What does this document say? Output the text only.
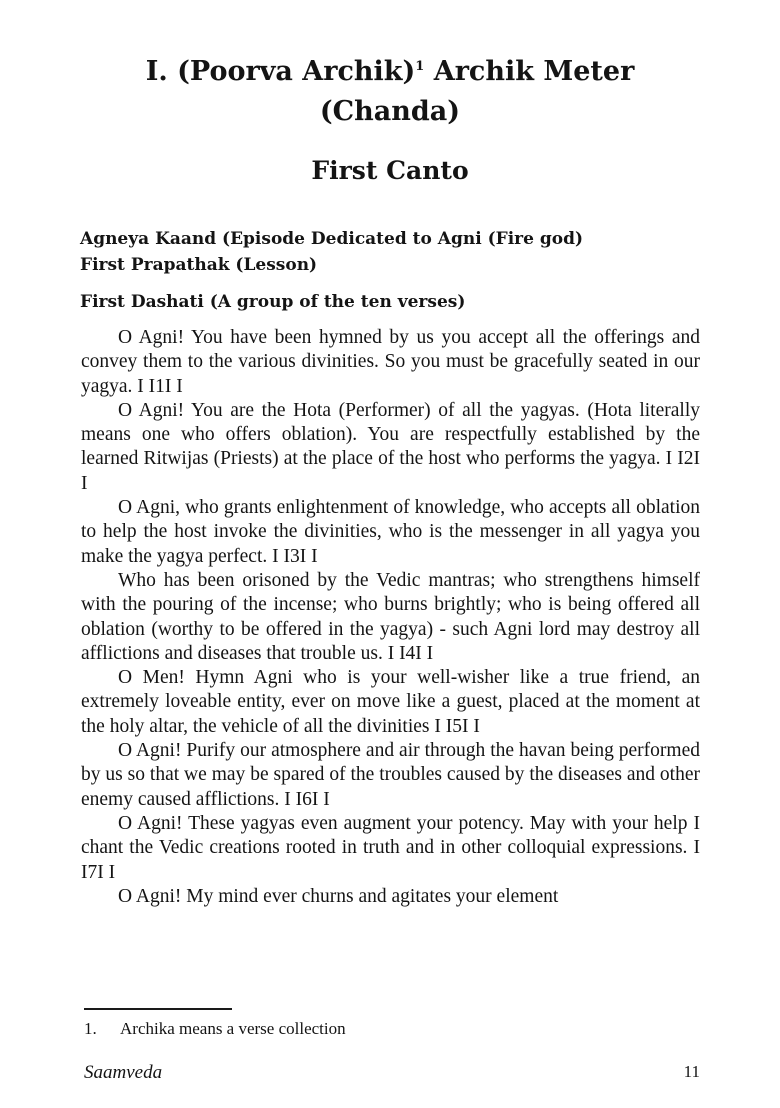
I. (Poorva Archik)$^1$ Archik Meter
(Chanda)
First Canto
Agneya Kaand (Episode Dedicated to Agni (Fire god)
First Prapathak (Lesson)
First Dashati (A group of the ten verses)

O Agni! You have been hymned by us you accept all the offerings and convey them to the various divinities. So you must be gracefully seated in our yagya. I I1I I

O Agni! You are the Hota (Performer) of all the yagyas. (Hota literally means one who offers oblation). You are respectfully established by the learned Ritwijas (Priests) at the place of the host who performs the yagya. I I2I I

O Agni, who grants enlightenment of knowledge, who accepts all oblation to help the host invoke the divinities, who is the messenger in all yagya you make the yagya perfect. I I3I I

Who has been orisoned by the Vedic mantras; who strengthens himself with the pouring of the incense; who burns brightly; who is being offered all oblation (worthy to be offered in the yagya) - such Agni lord may destroy all afflictions and diseases that trouble us. I I4I I

O Men! Hymn Agni who is your well-wisher like a true friend, an extremely loveable entity, ever on move like a guest, placed at the moment at the holy altar, the vehicle of all the divinities I I5I I

O Agni! Purify our atmosphere and air through the havan being performed by us so that we may be spared of the troubles caused by the diseases and other enemy caused afflictions. I I6I I

O Agni! These yagyas even augment your potency. May with your help I chant the Vedic creations rooted in truth and in other colloquial expressions. I I7I I

O Agni! My mind ever churns and agitates your element

1. Archika means a verse collection
Saamveda	11
